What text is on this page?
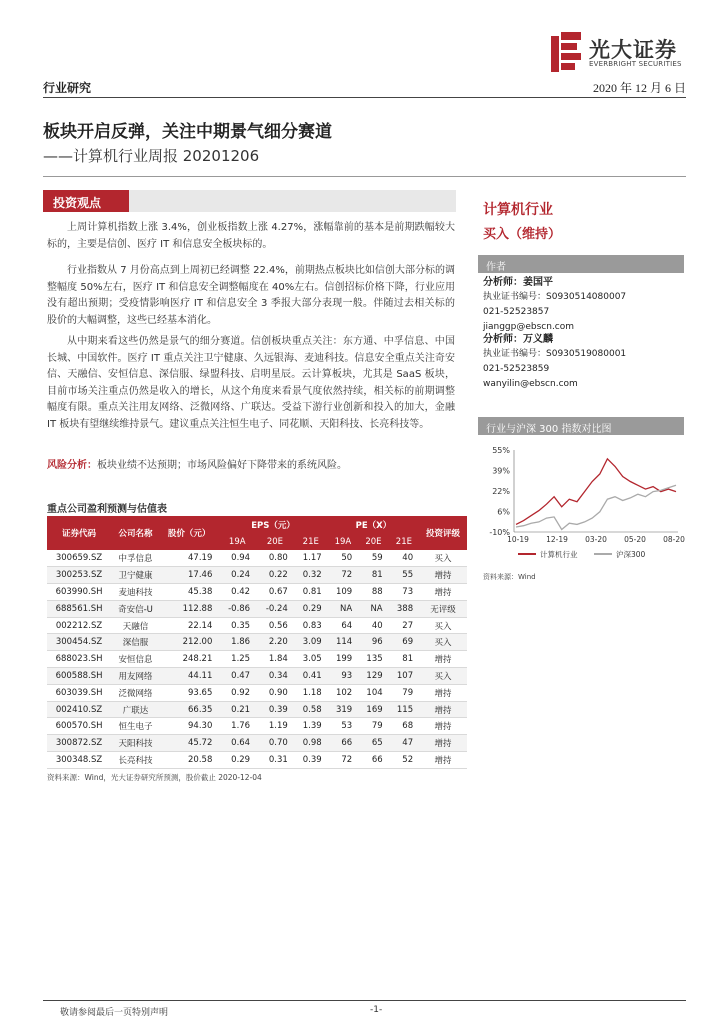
光大证券
EVERBRIGHT SECURITIES
行业研究	2020 年 12 月 6 日
板块开启反弹，关注中期景气细分赛道
——计算机行业周报 20201206
投资观点
上周计算机指数上涨 3.4%，创业板指数上涨 4.27%，涨幅靠前的基本是前期跌幅较大标的，主要是信创、医疗 IT 和信息安全板块标的。
行业指数从 7 月份高点到上周初已经调整 22.4%，前期热点板块比如信创大部分标的调整幅度 50%左右，医疗 IT 和信息安全调整幅度在 40%左右。信创招标价格下降，行业应用没有超出预期；受疫情影响医疗 IT 和信息安全 3 季报大部分表现一般。伴随过去相关标的股价的大幅调整，这些已经基本消化。
从中期来看这些仍然是景气的细分赛道。信创板块重点关注：东方通、中孚信息、中国长城、中国软件。医疗 IT 重点关注卫宁健康、久远银海、麦迪科技。信息安全重点关注奇安信、天融信、安恒信息、深信服、绿盟科技、启明星辰。云计算板块，尤其是 SaaS 板块，目前市场关注重点仍然是收入的增长，从这个角度来看景气度依然持续，相关标的前期调整幅度有限。重点关注用友网络、泛微网络、广联达。受益下游行业创新和投入的加大，金融 IT 板块有望继续维持景气。建议重点关注恒生电子、同花顺、天阳科技、长亮科技等。
风险分析：板块业绩不达预期；市场风险偏好下降带来的系统风险。
重点公司盈利预测与估值表
证券代码	公司名称	股价（元）	EPS（元）			PE（X）			投资评级
			19A	20E	21E	19A	20E	21E	
300659.SZ	中孚信息	47.19	0.94	0.80	1.17	50	59	40	买入
300253.SZ	卫宁健康	17.46	0.24	0.22	0.32	72	81	55	增持
603990.SH	麦迪科技	45.38	0.42	0.67	0.81	109	88	73	增持
688561.SH	奇安信-U	112.88	-0.86	-0.24	0.29	NA	NA	388	无评级
002212.SZ	天融信	22.14	0.35	0.56	0.83	64	40	27	买入
300454.SZ	深信服	212.00	1.86	2.20	3.09	114	96	69	买入
688023.SH	安恒信息	248.21	1.25	1.84	3.05	199	135	81	增持
600588.SH	用友网络	44.11	0.47	0.34	0.41	93	129	107	买入
603039.SH	泛微网络	93.65	0.92	0.90	1.18	102	104	79	增持
002410.SZ	广联达	66.35	0.21	0.39	0.58	319	169	115	增持
600570.SH	恒生电子	94.30	1.76	1.19	1.39	53	79	68	增持
300872.SZ	天阳科技	45.72	0.64	0.70	0.98	66	65	47	增持
300348.SZ	长亮科技	20.58	0.29	0.31	0.39	72	66	52	增持
资料来源：Wind，光大证券研究所预测，股价截止 2020-12-04
计算机行业
买入（维持）
作者
分析师：姜国平
执业证书编号：S0930514080007
021-52523857
jianggp@ebscn.com
分析师：万义麟
执业证书编号：S0930519080001
021-52523859
wanyilin@ebscn.com
行业与沪深 300 指数对比图
55%
39%
22%
6%
-10%
10-19 12-19 03-20 05-20 08-20
计算机行业	沪深300
资料来源：Wind
敬请参阅最后一页特别声明	-1-
